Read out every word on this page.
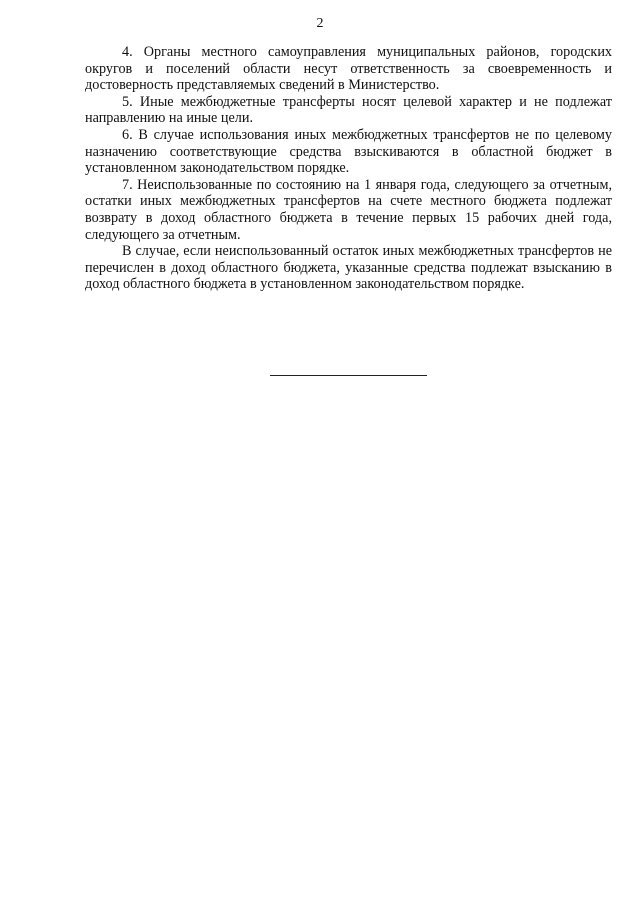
2

4. Органы местного самоуправления муниципальных районов, городских округов и поселений области несут ответственность за своевременность и достоверность представляемых сведений в Министерство.

5. Иные межбюджетные трансферты носят целевой характер и не подлежат направлению на иные цели.

6. В случае использования иных межбюджетных трансфертов не по целевому назначению соответствующие средства взыскиваются в областной бюджет в установленном законодательством порядке.

7. Неиспользованные по состоянию на 1 января года, следующего за отчетным, остатки иных межбюджетных трансфертов на счете местного бюджета подлежат возврату в доход областного бюджета в течение первых 15 рабочих дней года, следующего за отчетным.

В случае, если неиспользованный остаток иных межбюджетных трансфертов не перечислен в доход областного бюджета, указанные средства подлежат взысканию в доход областного бюджета в установленном законодательством порядке.
